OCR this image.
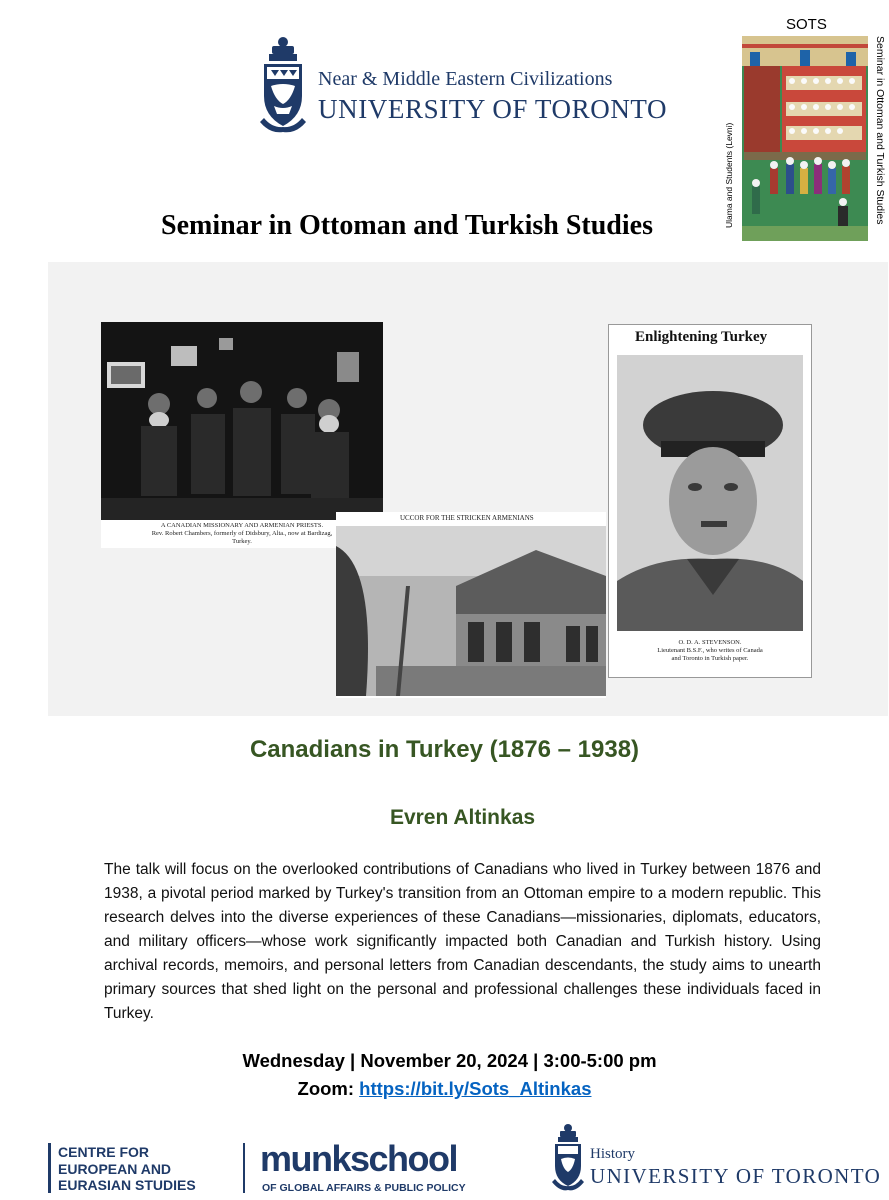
Near & Middle Eastern Civilizations
UNIVERSITY OF TORONTO
SOTS
Ulama and Students (Levni)	Seminar in Ottoman and Turkish Studies
Seminar in Ottoman and Turkish Studies
A CANADIAN MISSIONARY AND ARMENIAN PRIESTS.
Rev. Robert Chambers, formerly of Didsbury, Alta., now at Bardizag,
Turkey.
UCCOR FOR THE STRICKEN ARMENIANS
Enlightening Turkey
O. D. A. STEVENSON.
Lieutenant B.S.F., who writes of Canada
and Toronto in Turkish paper.
Canadians in Turkey (1876 – 1938)
Evren Altinkas
The talk will focus on the overlooked contributions of Canadians who lived in Turkey between 1876 and 1938, a pivotal period marked by Turkey's transition from an Ottoman empire to a modern republic. This research delves into the diverse experiences of these Canadians—missionaries, diplomats, educators, and military officers—whose work significantly impacted both Canadian and Turkish history. Using archival records, memoirs, and personal letters from Canadian descendants, the study aims to unearth primary sources that shed light on the personal and professional challenges these individuals faced in Turkey.
Wednesday | November 20, 2024 | 3:00-5:00 pm
Zoom: https://bit.ly/Sots_Altinkas
CENTRE FOR
EUROPEAN AND
EURASIAN STUDIES
munkschool
OF GLOBAL AFFAIRS & PUBLIC POLICY
History
UNIVERSITY OF TORONTO
